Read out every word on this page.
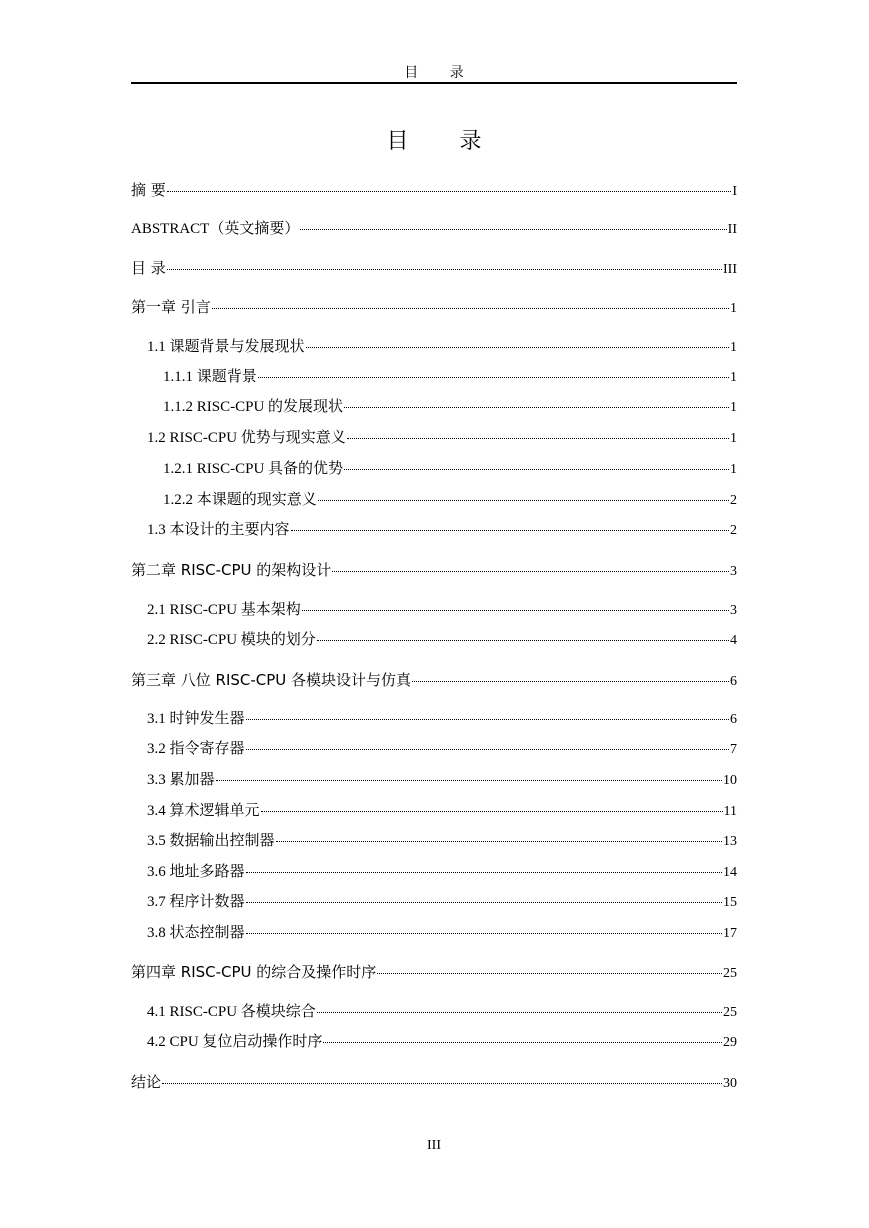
目 录
目 录
摘 要	I
ABSTRACT（英文摘要）	II
目 录	III
第一章 引言	1
1.1 课题背景与发展现状	1
1.1.1 课题背景	1
1.1.2 RISC-CPU 的发展现状	1
1.2 RISC-CPU 优势与现实意义	1
1.2.1 RISC-CPU 具备的优势	1
1.2.2 本课题的现实意义	2
1.3 本设计的主要内容	2
第二章 RISC-CPU 的架构设计	3
2.1 RISC-CPU 基本架构	3
2.2 RISC-CPU 模块的划分	4
第三章 八位 RISC-CPU 各模块设计与仿真	6
3.1 时钟发生器	6
3.2 指令寄存器	7
3.3 累加器	10
3.4 算术逻辑单元	11
3.5 数据输出控制器	13
3.6 地址多路器	14
3.7 程序计数器	15
3.8 状态控制器	17
第四章 RISC-CPU 的综合及操作时序	25
4.1 RISC-CPU 各模块综合	25
4.2 CPU 复位启动操作时序	29
结论	30
III
